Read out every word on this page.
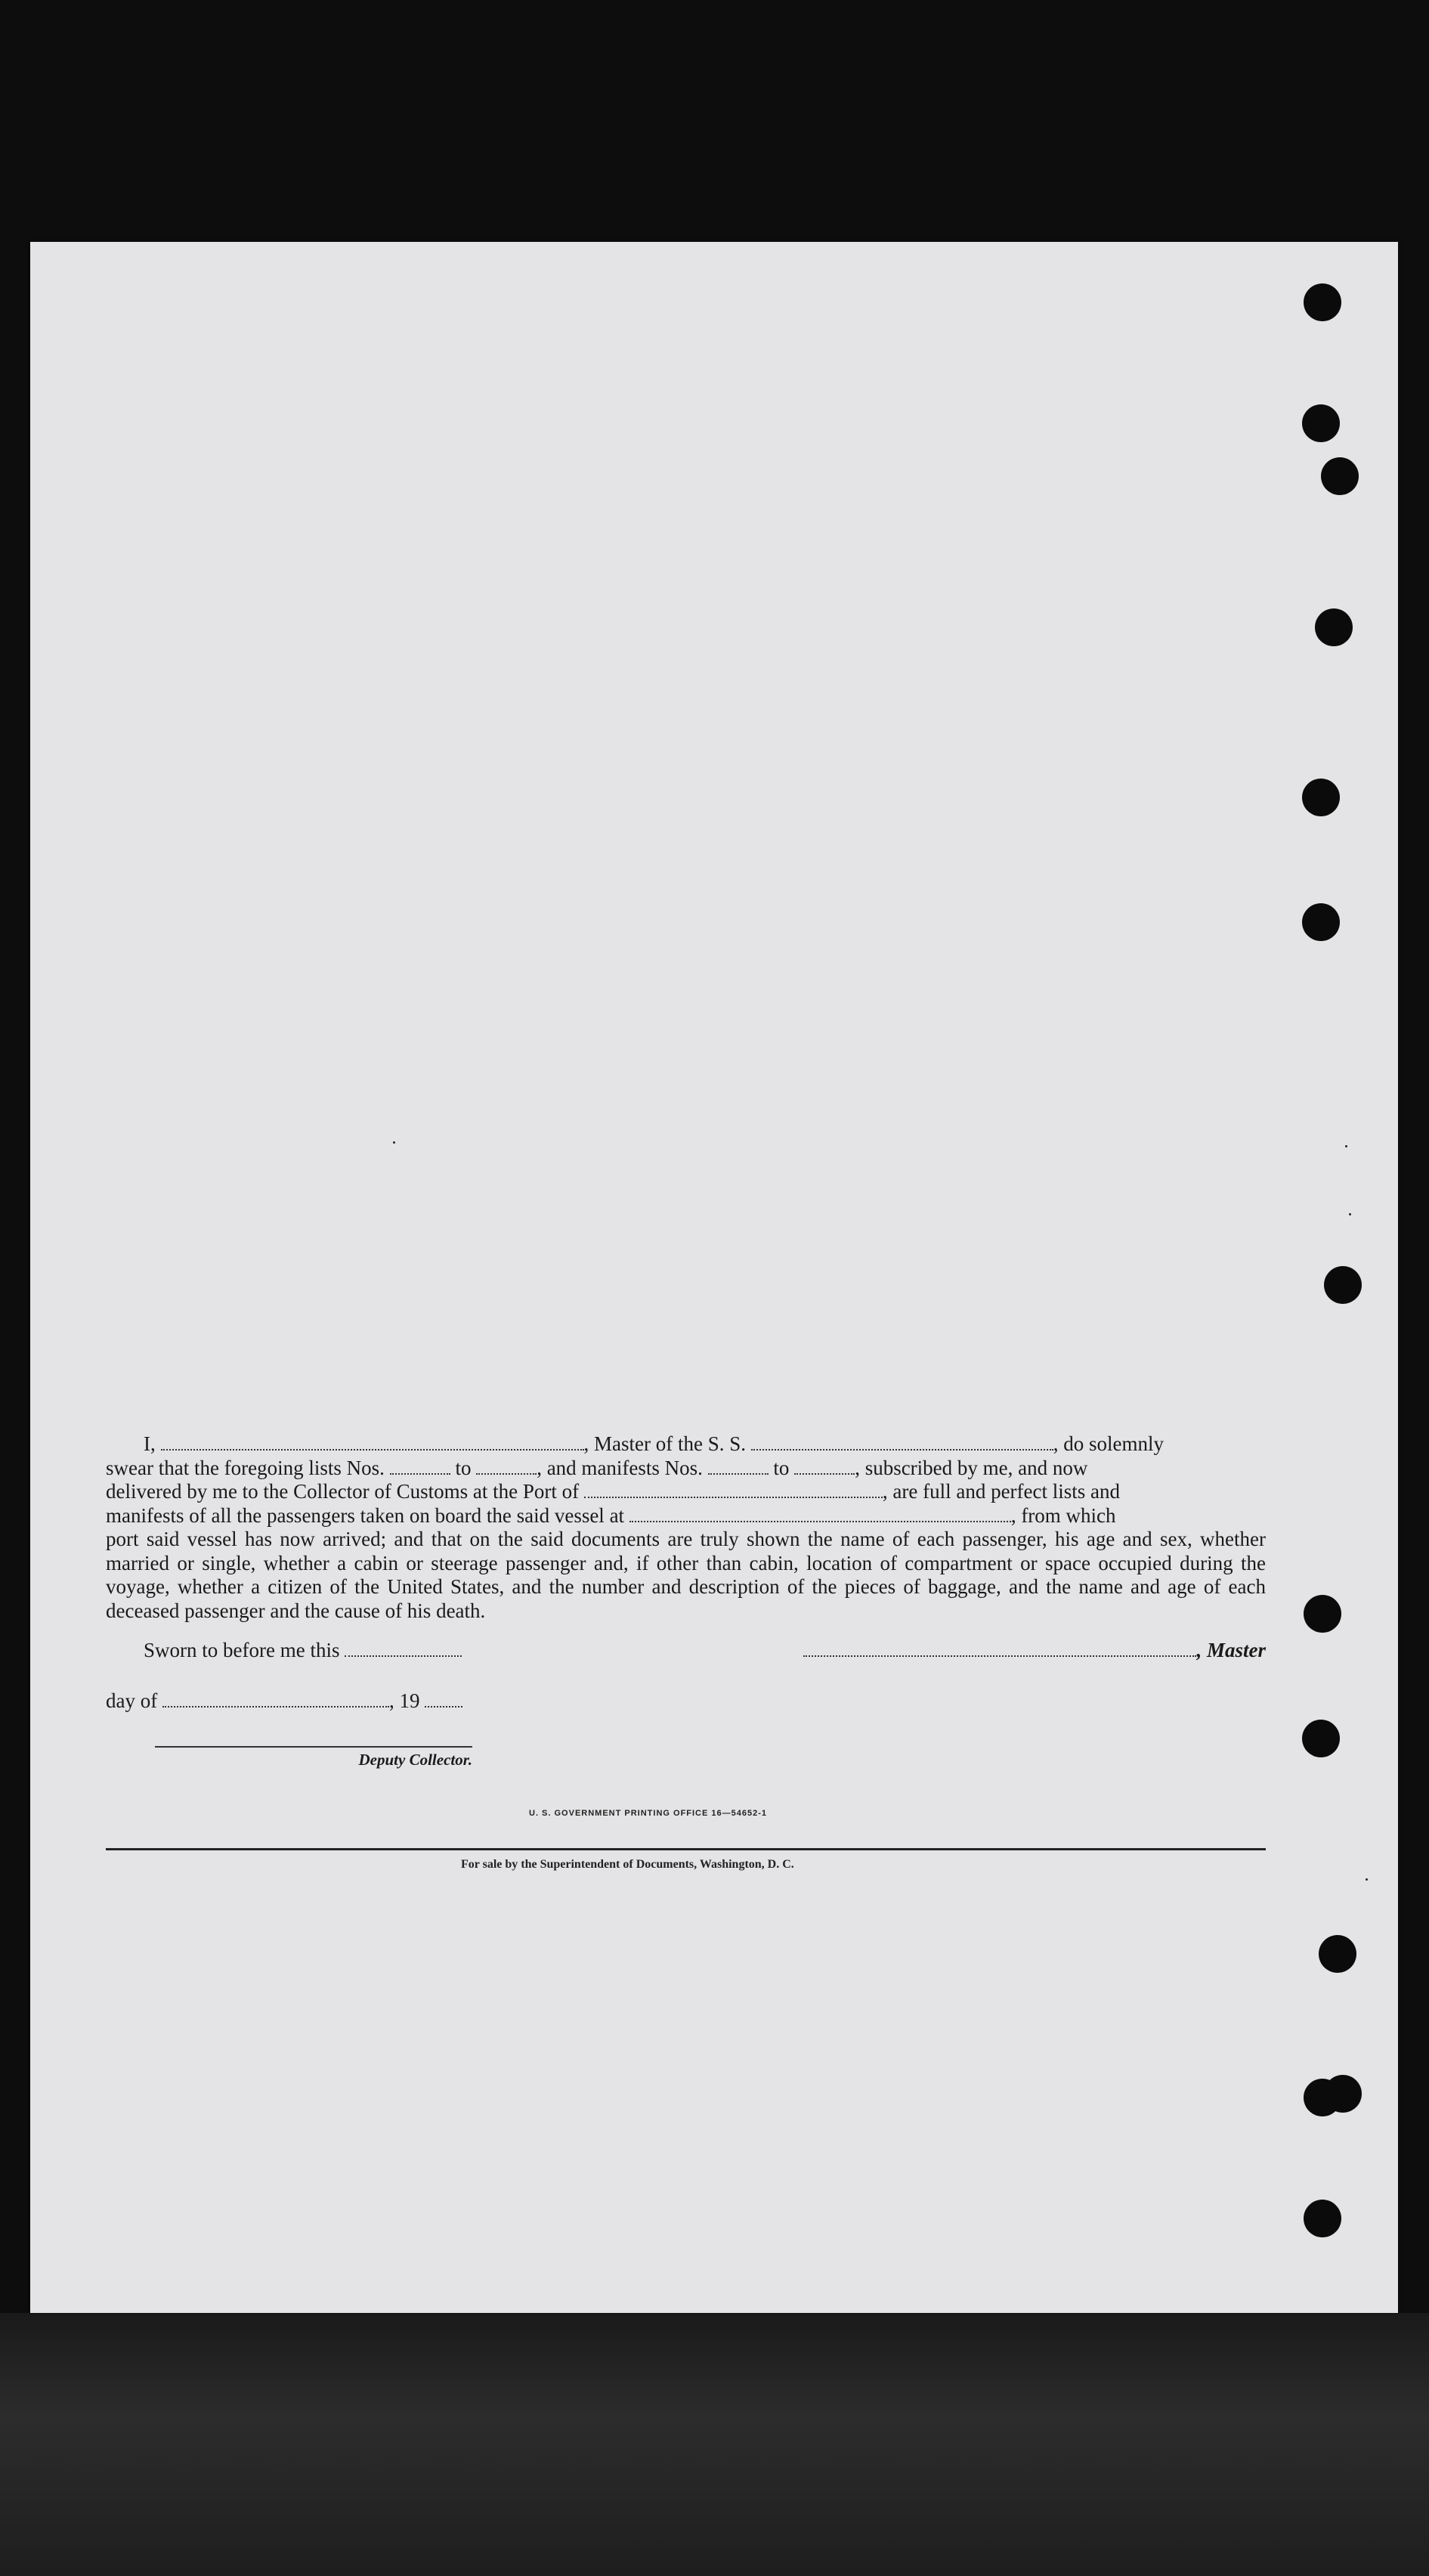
I,	, Master of the S. S.	, do solemnly

swear that the foregoing lists Nos.	to	, and manifests Nos.	to	, subscribed by me, and now

delivered by me to the Collector of Customs at the Port of	, are full and perfect lists and

manifests of all the passengers taken on board the said vessel at	, from which

port said vessel has now arrived; and that on the said documents are truly shown the name of each passenger, his age and sex, whether married or single, whether a cabin or steerage passenger and, if other than cabin, location of compartment or space occupied during the voyage, whether a citizen of the United States, and the number and description of the pieces of baggage, and the name and age of each deceased passenger and the cause of his death.

Sworn to before me this	, Master
day of	, 19
Deputy Collector.
U. S. GOVERNMENT PRINTING OFFICE 16—54652-1
For sale by the Superintendent of Documents, Washington, D. C.
